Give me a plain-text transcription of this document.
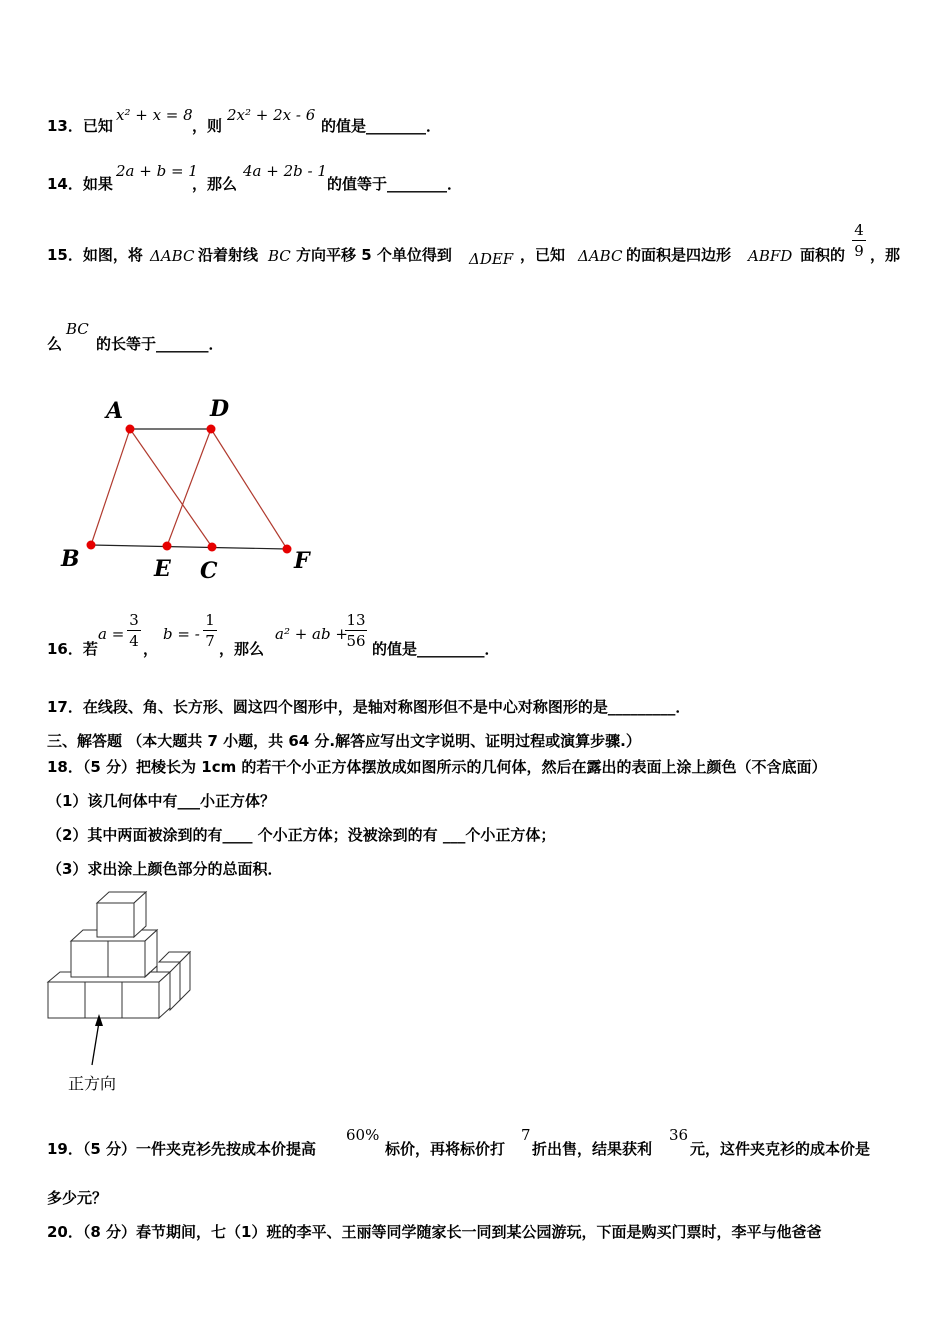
13．已知
x² + x = 8
，则
2x² + 2x - 6
的值是________．
14．如果
2a + b = 1
，那么
4a + 2b - 1
的值等于________．
15．如图，将 ΔABC 沿着射线 BC 方向平移 5 个单位得到 ΔDEF ，已知 ΔABC 的面积是四边形 ABFD 面积的
4
9 ，那
么
BC
的长等于_______．
A	D
B	E C	F
16．若
a =
3
4 ，
b = -
1
7 ，那么
a² + ab +
13
56 的值是_________．
17．在线段、角、长方形、圆这四个图形中，是轴对称图形但不是中心对称图形的是_________．
三、解答题 （本大题共 7 小题，共 64 分.解答应写出文字说明、证明过程或演算步骤.）
18．（5 分）把棱长为 1cm 的若干个小正方体摆放成如图所示的几何体，然后在露出的表面上涂上颜色（不含底面）
（1）该几何体中有___小正方体？
（2）其中两面被涂到的有____ 个小正方体；没被涂到的有 ___个小正方体；
（3）求出涂上颜色部分的总面积．
正方向
19．（5 分）一件夹克衫先按成本价提高
60%
标价，再将标价打
7
折出售，结果获利
36
元，这件夹克衫的成本价是
多少元？
20．（8 分）春节期间，七（1）班的李平、王丽等同学随家长一同到某公园游玩，下面是购买门票时，李平与他爸爸
